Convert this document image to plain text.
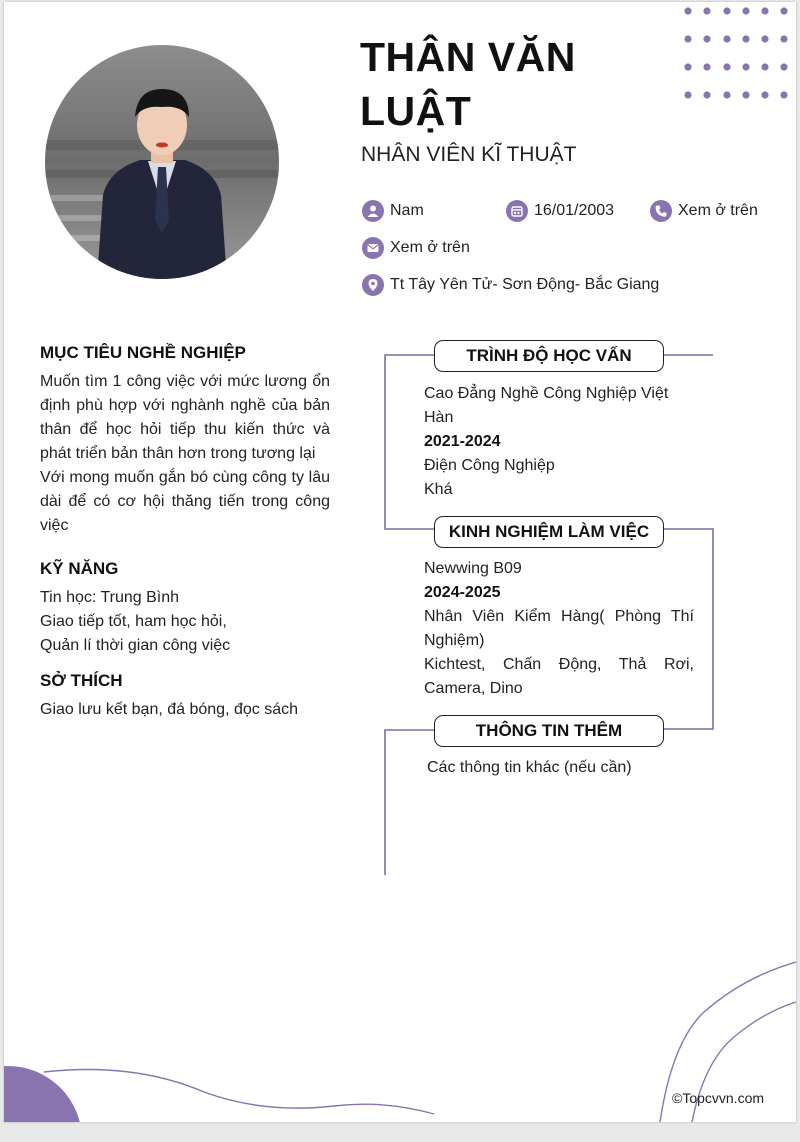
THÂN VĂN
LUẬT
NHÂN VIÊN KĨ THUẬT
Nam	16/01/2003	Xem ở trên
Xem ở trên
Tt Tây Yên Tử- Sơn Động- Bắc Giang
MỤC TIÊU NGHỀ NGHIỆP
Muốn tìm 1 công việc với mức lương ổn định phù hợp với nghành nghề của bản thân để học hỏi tiếp thu kiến thức và phát triển bản thân hơn trong tương lại
Với mong muốn gắn bó cùng công ty lâu dài để có cơ hội thăng tiến trong công việc
KỸ NĂNG
Tin học: Trung Bình
Giao tiếp tốt, ham học hỏi,
Quản lí thời gian công việc
SỞ THÍCH
Giao lưu kết bạn, đá bóng, đọc sách
TRÌNH ĐỘ HỌC VẤN
Cao Đẳng Nghề Công Nghiệp Việt
Hàn
2021-2024
Điện Công Nghiệp
Khá
KINH NGHIỆM LÀM VIỆC
Newwing B09
2024-2025
Nhân Viên Kiểm Hàng( Phòng Thí
Nghiệm)
Kichtest, Chấn Động, Thả Rơi,
Camera, Dino
THÔNG TIN THÊM
Các thông tin khác (nếu cần)
©Topcvvn.com
